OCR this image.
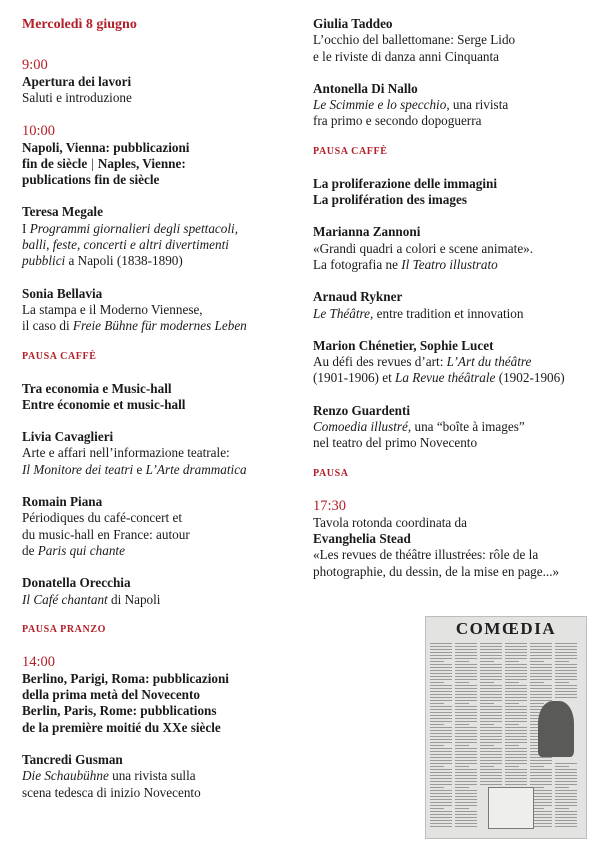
Mercoledì 8 giugno
9:00
Apertura dei lavori
Saluti e introduzione
10:00
Napoli, Vienna: pubblicazioni
fin de siècle | Naples, Vienne:
publications fin de siècle
Teresa Megale
I Programmi giornalieri degli spettacoli,
balli, feste, concerti e altri divertimenti
pubblici a Napoli (1838-1890)
Sonia Bellavia
La stampa e il Moderno Viennese,
il caso di Freie Bühne für modernes Leben
PAUSA CAFFÈ
Tra economia e Music-hall
Entre économie et music-hall
Livia Cavaglieri
Arte e affari nell’informazione teatrale:
Il Monitore dei teatri e L’Arte drammatica
Romain Piana
Périodiques du café-concert et
du music-hall en France: autour
de Paris qui chante
Donatella Orecchia
Il Café chantant di Napoli
PAUSA PRANZO
14:00
Berlino, Parigi, Roma: pubblicazioni
della prima metà del Novecento
Berlin, Paris, Rome: pubblications
de la première moitié du XXe siècle
Tancredi Gusman
Die Schaubühne una rivista sulla
scena tedesca di inizio Novecento
Giulia Taddeo
L’occhio del ballettomane: Serge Lido
e le riviste di danza anni Cinquanta
Antonella Di Nallo
Le Scimmie e lo specchio, una rivista
fra primo e secondo dopoguerra
PAUSA CAFFÈ
La proliferazione delle immagini
La prolifération des images
Marianna Zannoni
«Grandi quadri a colori e scene animate».
La fotografia ne Il Teatro illustrato
Arnaud Rykner
Le Théâtre, entre tradition et innovation
Marion Chénetier, Sophie Lucet
Au défi des revues d’art: L’Art du théâtre
(1901-1906) et La Revue théâtrale (1902-1906)
Renzo Guardenti
Comoedia illustré, una “boîte à images”
nel teatro del primo Novecento
PAUSA
17:30
Tavola rotonda coordinata da
Evanghelia Stead
«Les revues de théâtre illustrées: rôle de la
photographie, du dessin, de la mise en page...»
COMŒDIA
